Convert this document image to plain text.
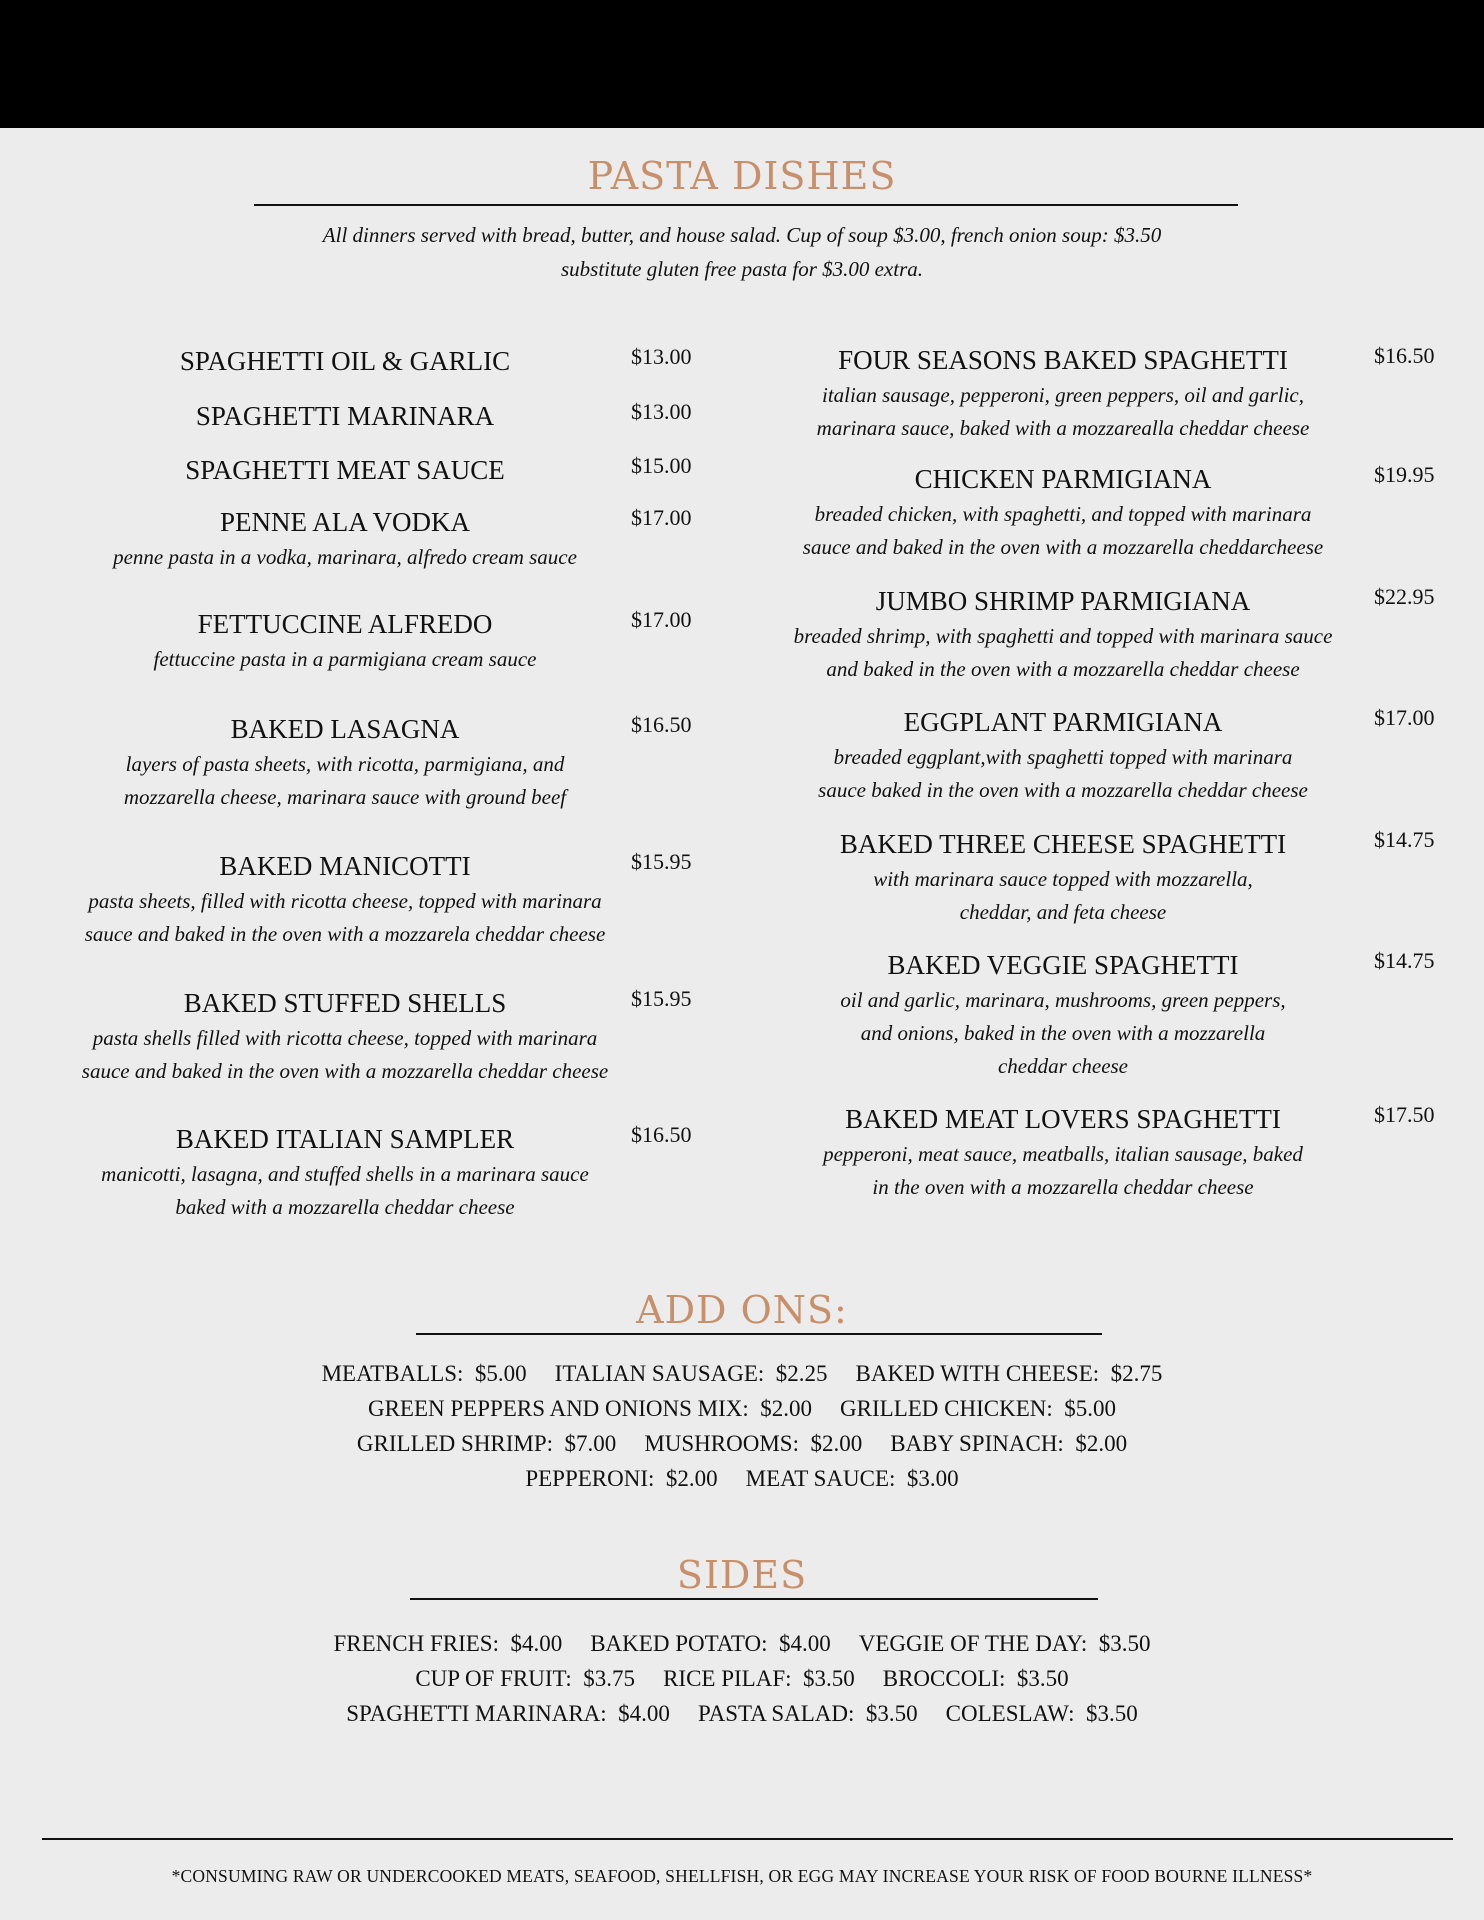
PASTA DISHES
All dinners served with bread, butter, and house salad. Cup of soup $3.00, french onion soup: $3.50
substitute gluten free pasta for $3.00 extra.
SPAGHETTI OIL & GARLIC	$13.00
SPAGHETTI MARINARA	$13.00
SPAGHETTI MEAT SAUCE	$15.00
PENNE ALA VODKA	$17.00
penne pasta in a vodka, marinara, alfredo cream sauce
FETTUCCINE ALFREDO	$17.00
fettuccine pasta in a parmigiana cream sauce
BAKED LASAGNA	$16.50
layers of pasta sheets, with ricotta, parmigiana, and
mozzarella cheese, marinara sauce with ground beef
BAKED MANICOTTI	$15.95
pasta sheets, filled with ricotta cheese, topped with marinara
sauce and baked in the oven with a mozzarela cheddar cheese
BAKED STUFFED SHELLS	$15.95
pasta shells filled with ricotta cheese, topped with marinara
sauce and baked in the oven with a mozzarella cheddar cheese
BAKED ITALIAN SAMPLER	$16.50
manicotti, lasagna, and stuffed shells in a marinara sauce
baked with a mozzarella cheddar cheese
FOUR SEASONS BAKED SPAGHETTI	$16.50
italian sausage, pepperoni, green peppers, oil and garlic,
marinara sauce, baked with a mozzarealla cheddar cheese
CHICKEN PARMIGIANA	$19.95
breaded chicken, with spaghetti, and topped with marinara
sauce and baked in the oven with a mozzarella cheddarcheese
JUMBO SHRIMP PARMIGIANA	$22.95
breaded shrimp, with spaghetti and topped with marinara sauce
and baked in the oven with a mozzarella cheddar cheese
EGGPLANT PARMIGIANA	$17.00
breaded eggplant,with spaghetti topped with marinara
sauce baked in the oven with a mozzarella cheddar cheese
BAKED THREE CHEESE SPAGHETTI	$14.75
with marinara sauce topped with mozzarella,
cheddar, and feta cheese
BAKED VEGGIE SPAGHETTI	$14.75
oil and garlic, marinara, mushrooms, green peppers,
and onions, baked in the oven with a mozzarella
cheddar cheese
BAKED MEAT LOVERS SPAGHETTI	$17.50
pepperoni, meat sauce, meatballs, italian sausage, baked
in the oven with a mozzarella cheddar cheese
ADD ONS:
MEATBALLS:  $5.00 ITALIAN SAUSAGE:  $2.25 BAKED WITH CHEESE:  $2.75
GREEN PEPPERS AND ONIONS MIX:  $2.00 GRILLED CHICKEN:  $5.00
GRILLED SHRIMP:  $7.00 MUSHROOMS:  $2.00 BABY SPINACH:  $2.00
PEPPERONI:  $2.00 MEAT SAUCE:  $3.00
SIDES
FRENCH FRIES:  $4.00 BAKED POTATO:  $4.00 VEGGIE OF THE DAY:  $3.50
CUP OF FRUIT:  $3.75 RICE PILAF:  $3.50 BROCCOLI:  $3.50
SPAGHETTI MARINARA:  $4.00 PASTA SALAD:  $3.50 COLESLAW:  $3.50
*CONSUMING RAW OR UNDERCOOKED MEATS, SEAFOOD, SHELLFISH, OR EGG MAY INCREASE YOUR RISK OF FOOD BOURNE ILLNESS*
